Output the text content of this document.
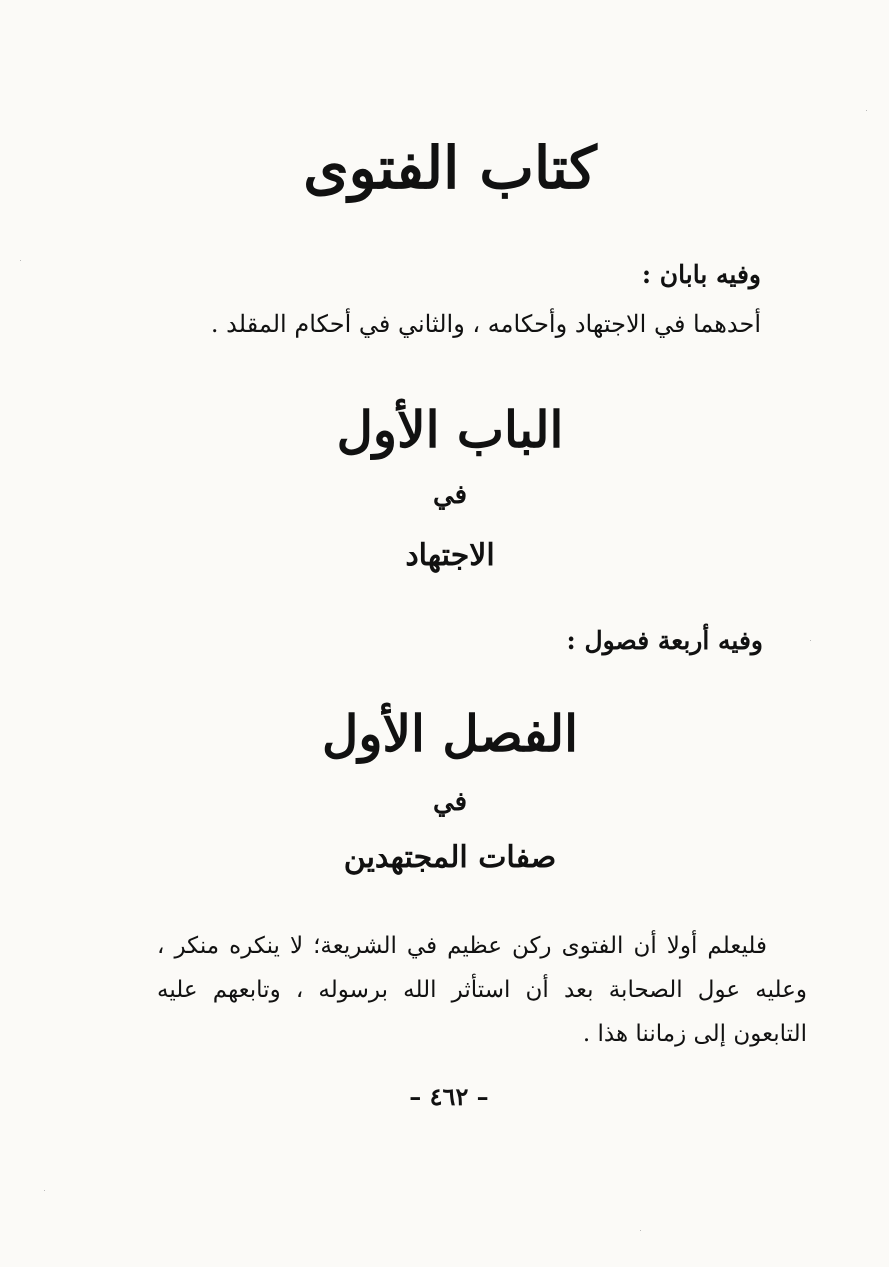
كتاب الفتوى
وفيه بابان :
أحدهما في الاجتهاد وأحكامه ، والثاني في أحكام المقلد .
الباب الأول
في
الاجتهاد
وفيه أربعة فصول :
الفصل الأول
في
صفات المجتهدين

فليعلم أولا أن الفتوى ركن عظيم في الشريعة؛ لا ينكره منكر ، وعليه عول الصحابة بعد أن استأثر الله برسوله ، وتابعهم عليه التابعون إلى زماننا هذا .

– ٤٦٢ –
